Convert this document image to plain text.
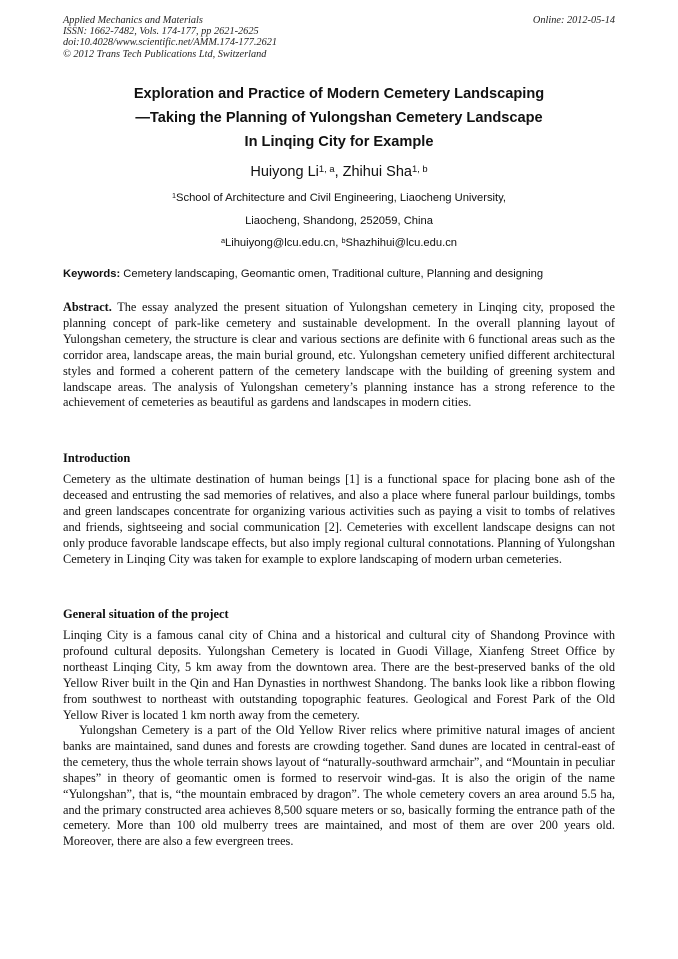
Applied Mechanics and Materials
ISSN: 1662-7482, Vols. 174-177, pp 2621-2625
doi:10.4028/www.scientific.net/AMM.174-177.2621
© 2012 Trans Tech Publications Ltd, Switzerland
Online: 2012-05-14
Exploration and Practice of Modern Cemetery Landscaping
—Taking the Planning of Yulongshan Cemetery Landscape
In Linqing City for Example
Huiyong Li$^{1, a}$, Zhihui Sha$^{1, b}$
$^1$School of Architecture and Civil Engineering, Liaocheng University,
Liaocheng, Shandong, 252059, China
$^a$Lihuiyong@lcu.edu.cn, $^b$Shazhihui@lcu.edu.cn
Keywords: Cemetery landscaping, Geomantic omen, Traditional culture, Planning and designing
Abstract. The essay analyzed the present situation of Yulongshan cemetery in Linqing city, proposed the planning concept of park-like cemetery and sustainable development. In the overall planning layout of Yulongshan cemetery, the structure is clear and various sections are definite with 6 functional areas such as the corridor area, landscape areas, the main burial ground, etc. Yulongshan cemetery unified different architectural styles and formed a coherent pattern of the cemetery landscape with the building of greening system and landscape areas. The analysis of Yulongshan cemetery’s planning instance has a strong reference to the achievement of cemeteries as beautiful as gardens and landscapes in modern cities.
Introduction
Cemetery as the ultimate destination of human beings [1] is a functional space for placing bone ash of the deceased and entrusting the sad memories of relatives, and also a place where funeral parlour buildings, tombs and green landscapes concentrate for organizing various activities such as paying a visit to tombs of relatives and friends, sightseeing and social communication [2]. Cemeteries with excellent landscape designs can not only produce favorable landscape effects, but also imply regional cultural connotations. Planning of Yulongshan Cemetery in Linqing City was taken for example to explore landscaping of modern urban cemeteries.
General situation of the project
Linqing City is a famous canal city of China and a historical and cultural city of Shandong Province with profound cultural deposits. Yulongshan Cemetery is located in Guodi Village, Xianfeng Street Office by northeast Linqing City, 5 km away from the downtown area. There are the best-preserved banks of the old Yellow River built in the Qin and Han Dynasties in northwest Shandong. The banks look like a ribbon flowing from southwest to northeast with outstanding topographic features. Geological and Forest Park of the Old Yellow River is located 1 km north away from the cemetery.
Yulongshan Cemetery is a part of the Old Yellow River relics where primitive natural images of ancient banks are maintained, sand dunes and forests are crowding together. Sand dunes are located in central-east of the cemetery, thus the whole terrain shows layout of “naturally-southward armchair”, and “Mountain in peculiar shapes” in theory of geomantic omen is formed to reservoir wind-gas. It is also the origin of the name “Yulongshan”, that is, “the mountain embraced by dragon”. The whole cemetery covers an area around 5.5 ha, and the primary constructed area achieves 8,500 square meters or so, basically forming the entrance path of the cemetery. More than 100 old mulberry trees are maintained, and most of them are over 200 years old. Moreover, there are also a few evergreen trees.
